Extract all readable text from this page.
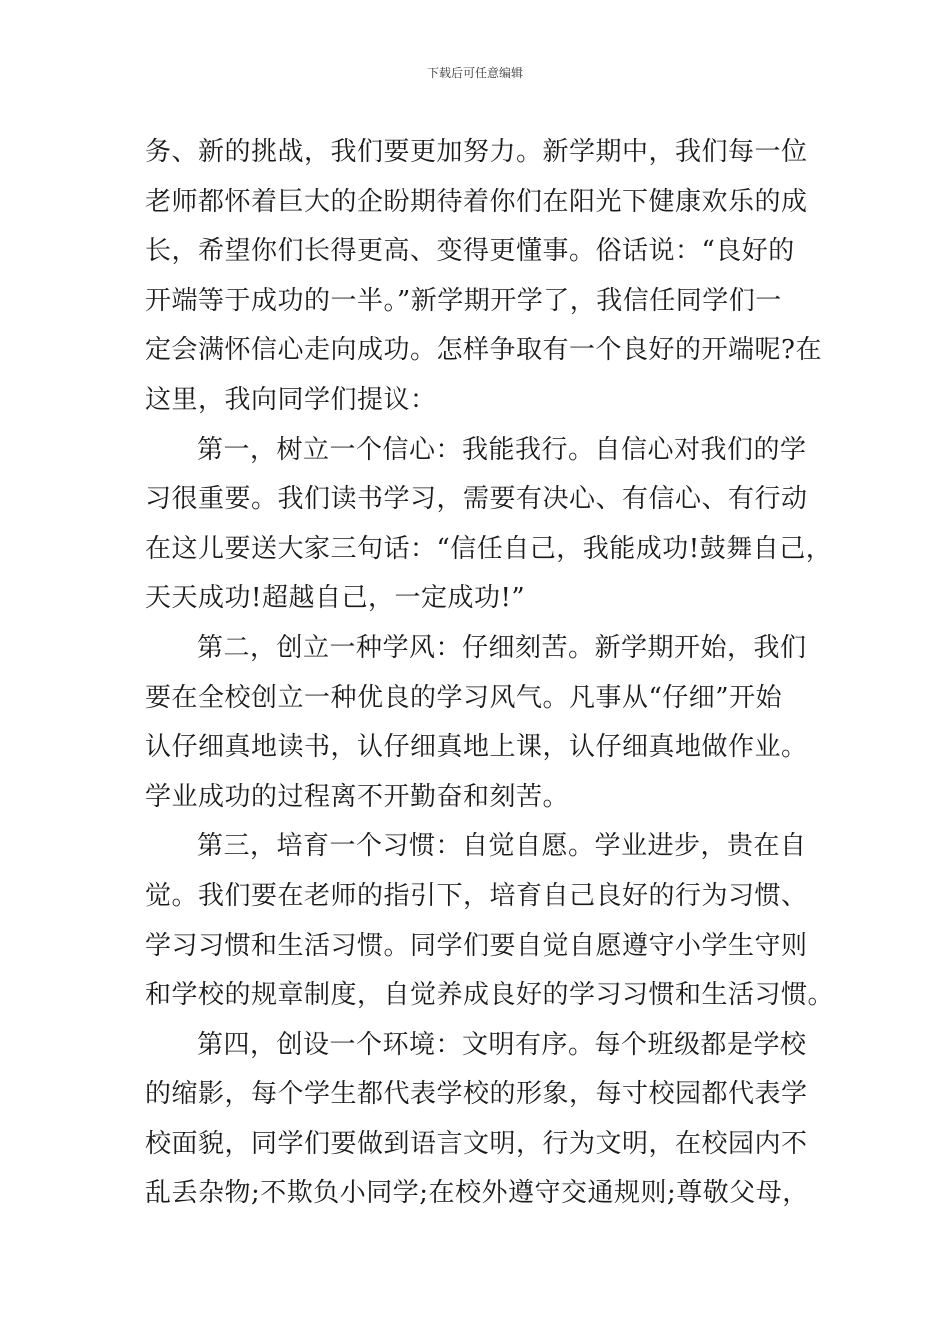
下载后可任意编辑
务、新的挑战，我们要更加努力。新学期中，我们每一位
老师都怀着巨大的企盼期待着你们在阳光下健康欢乐的成
长，希望你们长得更高、变得更懂事。俗话说：“良好的
开端等于成功的一半。”新学期开学了，我信任同学们一
定会满怀信心走向成功。怎样争取有一个良好的开端呢?在
这里，我向同学们提议：
第一，树立一个信心：我能我行。自信心对我们的学
习很重要。我们读书学习，需要有决心、有信心、有行动
在这儿要送大家三句话：“信任自己，我能成功!鼓舞自己，
天天成功!超越自己，一定成功!”
第二，创立一种学风：仔细刻苦。新学期开始，我们
要在全校创立一种优良的学习风气。凡事从“仔细”开始
认仔细真地读书，认仔细真地上课，认仔细真地做作业。
学业成功的过程离不开勤奋和刻苦。
第三，培育一个习惯：自觉自愿。学业进步，贵在自
觉。我们要在老师的指引下，培育自己良好的行为习惯、
学习习惯和生活习惯。同学们要自觉自愿遵守小学生守则
和学校的规章制度，自觉养成良好的学习习惯和生活习惯。
第四，创设一个环境：文明有序。每个班级都是学校
的缩影，每个学生都代表学校的形象，每寸校园都代表学
校面貌，同学们要做到语言文明，行为文明，在校园内不
乱丢杂物;不欺负小同学;在校外遵守交通规则;尊敬父母，
